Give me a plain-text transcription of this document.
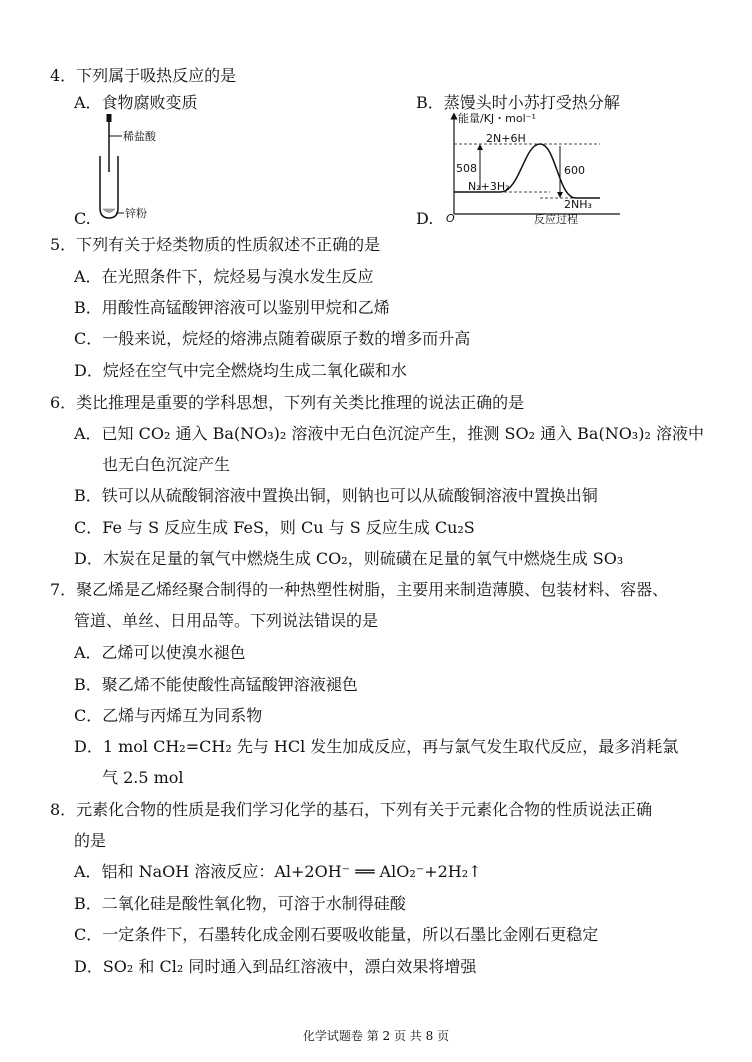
4．下列属于吸热反应的是
A．食物腐败变质	B．蒸馒头时小苏打受热分解
C.	D.
稀盐酸
锌粉
能量/KJ・mol⁻¹
O	反应过程
2N+6H
508	600
N₂+3H₂
2NH₃
5．下列有关于烃类物质的性质叙述不正确的是
A．在光照条件下，烷烃易与溴水发生反应
B．用酸性高锰酸钾溶液可以鉴别甲烷和乙烯
C．一般来说，烷烃的熔沸点随着碳原子数的增多而升高
D．烷烃在空气中完全燃烧均生成二氧化碳和水
6．类比推理是重要的学科思想，下列有关类比推理的说法正确的是
A．已知 CO₂ 通入 Ba(NO₃)₂ 溶液中无白色沉淀产生，推测 SO₂ 通入 Ba(NO₃)₂ 溶液中
也无白色沉淀产生
B．铁可以从硫酸铜溶液中置换出铜，则钠也可以从硫酸铜溶液中置换出铜
C．Fe 与 S 反应生成 FeS，则 Cu 与 S 反应生成 Cu₂S
D．木炭在足量的氧气中燃烧生成 CO₂，则硫磺在足量的氧气中燃烧生成 SO₃
7．聚乙烯是乙烯经聚合制得的一种热塑性树脂，主要用来制造薄膜、包装材料、容器、
管道、单丝、日用品等。下列说法错误的是
A．乙烯可以使溴水褪色
B．聚乙烯不能使酸性高锰酸钾溶液褪色
C．乙烯与丙烯互为同系物
D．1 mol CH₂=CH₂ 先与 HCl 发生加成反应，再与氯气发生取代反应，最多消耗氯
气 2.5 mol
8．元素化合物的性质是我们学习化学的基石，下列有关于元素化合物的性质说法正确
的是
A．铝和 NaOH 溶液反应：Al+2OH⁻ ══ AlO₂⁻+2H₂↑
B．二氧化硅是酸性氧化物，可溶于水制得硅酸
C．一定条件下，石墨转化成金刚石要吸收能量，所以石墨比金刚石更稳定
D．SO₂ 和 Cl₂ 同时通入到品红溶液中，漂白效果将增强
化学试题卷 第 2 页 共 8 页
